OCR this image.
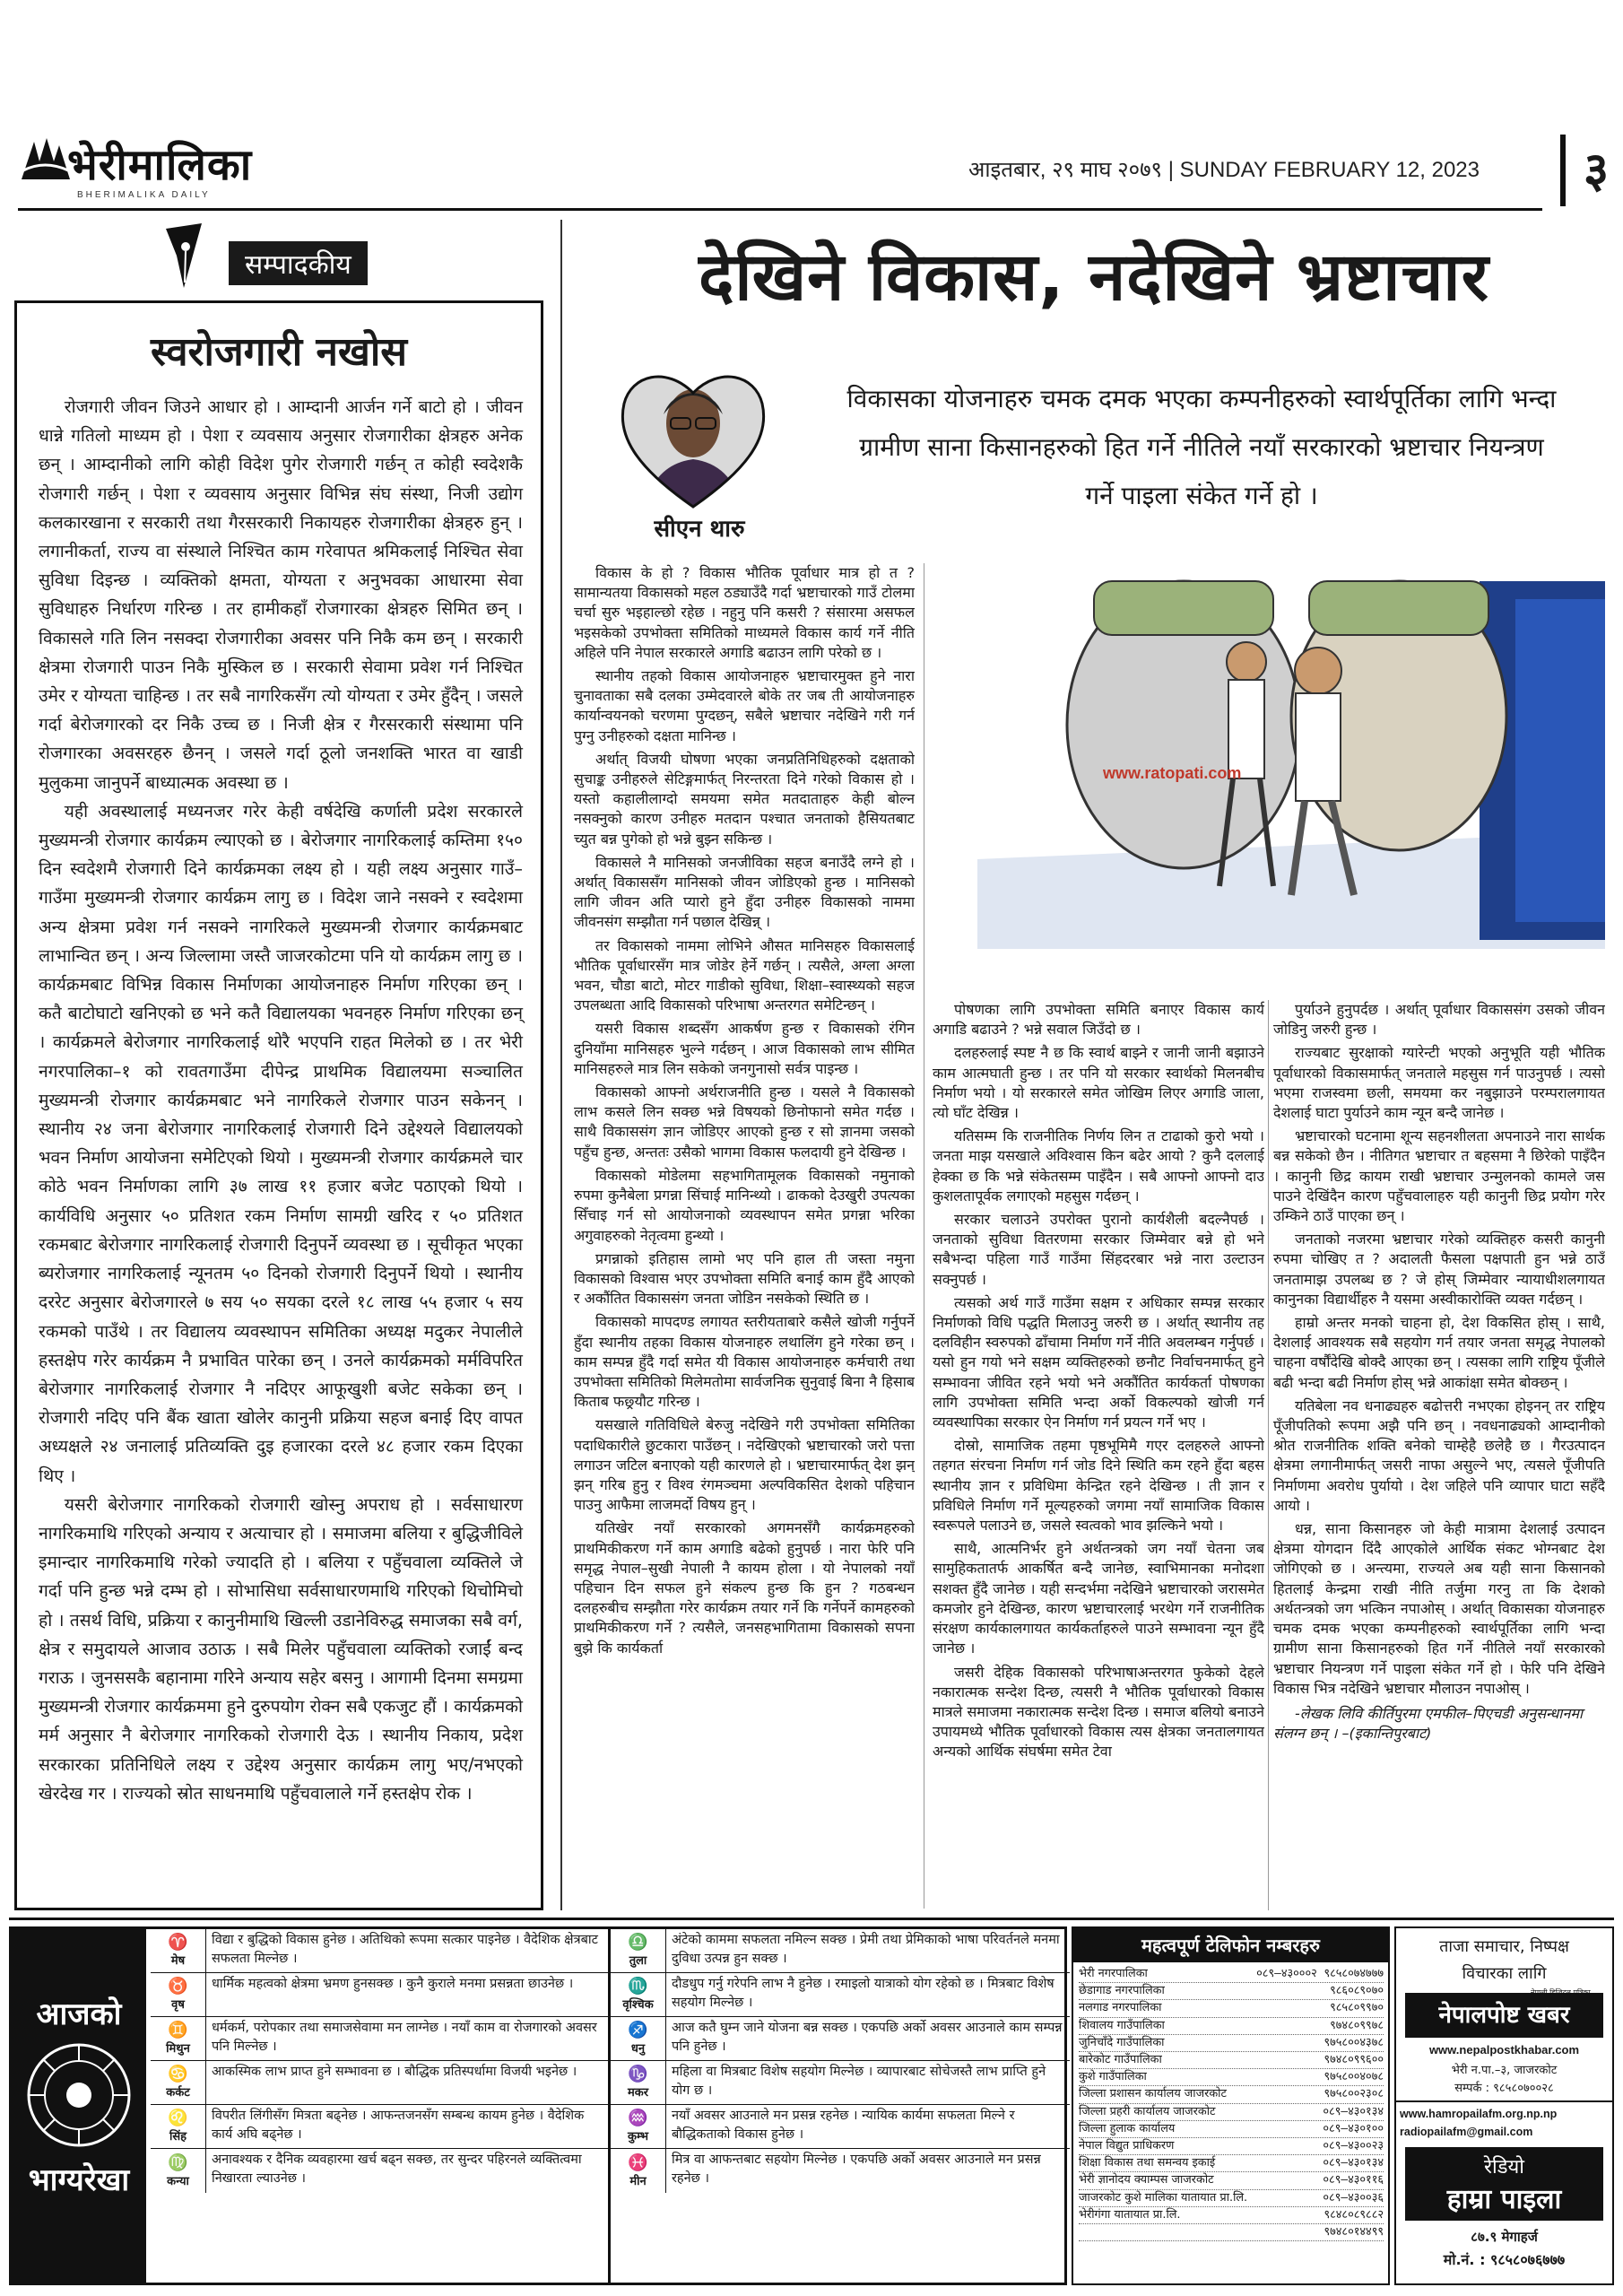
भेरीमालिका
BHERIMALIKA DAILY
आइतबार, २९ माघ २०७९ | SUNDAY FEBRUARY 12, 2023 ३
सम्पादकीय
स्वरोजगारी नखोस

रोजगारी जीवन जिउने आधार हो । आम्दानी आर्जन गर्ने बाटो हो । जीवन धान्ने गतिलो माध्यम हो । पेशा र व्यवसाय अनुसार रोजगारीका क्षेत्रहरु अनेक छन् । आम्दानीको लागि कोही विदेश पुगेर रोजगारी गर्छन् त कोही स्वदेशकै रोजगारी गर्छन् । पेशा र व्यवसाय अनुसार विभिन्न संघ संस्था, निजी उद्योग कलकारखाना र सरकारी तथा गैरसरकारी निकायहरु रोजगारीका क्षेत्रहरु हुन् । लगानीकर्ता, राज्य वा संस्थाले निश्चित काम गरेवापत श्रमिकलाई निश्चित सेवा सुविधा दिइन्छ । व्यक्तिको क्षमता, योग्यता र अनुभवका आधारमा सेवा सुविधाहरु निर्धारण गरिन्छ । तर हामीकहाँ रोजगारका क्षेत्रहरु सिमित छन् । विकासले गति लिन नसक्दा रोजगारीका अवसर पनि निकै कम छन् । सरकारी क्षेत्रमा रोजगारी पाउन निकै मुस्किल छ । सरकारी सेवामा प्रवेश गर्न निश्चित उमेर र योग्यता चाहिन्छ । तर सबै नागरिकसँग त्यो योग्यता र उमेर हुँदैन् । जसले गर्दा बेरोजगारको दर निकै उच्च छ । निजी क्षेत्र र गैरसरकारी संस्थामा पनि रोजगारका अवसरहरु छैनन् । जसले गर्दा ठूलो जनशक्ति भारत वा खाडी मुलुकमा जानुपर्ने बाध्यात्मक अवस्था छ ।

यही अवस्थालाई मध्यनजर गरेर केही वर्षदेखि कर्णाली प्रदेश सरकारले मुख्यमन्त्री रोजगार कार्यक्रम ल्याएको छ । बेरोजगार नागरिकलाई कम्तिमा १५० दिन स्वदेशमै रोजगारी दिने कार्यक्रमका लक्ष्य हो । यही लक्ष्य अनुसार गाउँ–गाउँमा मुख्यमन्त्री रोजगार कार्यक्रम लागु छ । विदेश जाने नसक्ने र स्वदेशमा अन्य क्षेत्रमा प्रवेश गर्न नसक्ने नागरिकले मुख्यमन्त्री रोजगार कार्यक्रमबाट लाभान्वित छन् । अन्य जिल्लामा जस्तै जाजरकोटमा पनि यो कार्यक्रम लागु छ । कार्यक्रमबाट विभिन्न विकास निर्माणका आयोजनाहरु निर्माण गरिएका छन् । कतै बाटोघाटो खनिएको छ भने कतै विद्यालयका भवनहरु निर्माण गरिएका छन् । कार्यक्रमले बेरोजगार नागरिकलाई थोरै भएपनि राहत मिलेको छ । तर भेरी नगरपालिका–१ को रावतगाउँमा दीपेन्द्र प्राथमिक विद्यालयमा सञ्चालित मुख्यमन्त्री रोजगार कार्यक्रमबाट भने नागरिकले रोजगार पाउन सकेनन् । स्थानीय २४ जना बेरोजगार नागरिकलाई रोजगारी दिने उद्देश्यले विद्यालयको भवन निर्माण आयोजना समेटिएको थियो । मुख्यमन्त्री रोजगार कार्यक्रमले चार कोठे भवन निर्माणका लागि ३७ लाख ११ हजार बजेट पठाएको थियो । कार्यविधि अनुसार ५० प्रतिशत रकम निर्माण सामग्री खरिद र ५० प्रतिशत रकमबाट बेरोजगार नागरिकलाई रोजगारी दिनुपर्ने व्यवस्था छ । सूचीकृत भएका ब्यरोजगार नागरिकलाई न्यूनतम ५० दिनको रोजगारी दिनुपर्ने थियो । स्थानीय दररेट अनुसार बेरोजगारले ७ सय ५० सयका दरले १८ लाख ५५ हजार ५ सय रकमको पाउँथे । तर विद्यालय व्यवस्थापन समितिका अध्यक्ष मदुकर नेपालीले हस्तक्षेप गरेर कार्यक्रम नै प्रभावित पारेका छन् । उनले कार्यक्रमको मर्मविपरित बेरोजगार नागरिकलाई रोजगार नै नदिएर आफूखुशी बजेट सकेका छन् । रोजगारी नदिए पनि बैंक खाता खोलेर कानुनी प्रक्रिया सहज बनाई दिए वापत अध्यक्षले २४ जनालाई प्रतिव्यक्ति दुइ हजारका दरले ४८ हजार रकम दिएका थिए ।

यसरी बेरोजगार नागरिकको रोजगारी खोस्नु अपराध हो । सर्वसाधारण नागरिकमाथि गरिएको अन्याय र अत्याचार हो । समाजमा बलिया र बुद्धिजीविले इमान्दार नागरिकमाथि गरेको ज्यादति हो । बलिया र पहुँचवाला व्यक्तिले जे गर्दा पनि हुन्छ भन्ने दम्भ हो । सोभासिधा सर्वसाधारणमाथि गरिएको थिचोमिचो हो । तसर्थ विधि, प्रक्रिया र कानुनीमाथि खिल्ली उडानेविरुद्ध समाजका सबै वर्ग, क्षेत्र र समुदायले आजाव उठाऊ । सबै मिलेर पहुँचवाला व्यक्तिको रजाईं बन्द गराऊ । जुनससकै बहानामा गरिने अन्याय सहेर बसनु । आगामी दिनमा समग्रमा मुख्यमन्त्री रोजगार कार्यक्रममा हुने दुरुपयोग रोक्न सबै एकजुट हौं । कार्यक्रमको मर्म अनुसार नै बेरोजगार नागरिकको रोजगारी देऊ । स्थानीय निकाय, प्रदेश सरकारका प्रतिनिधिले लक्ष्य र उद्देश्य अनुसार कार्यक्रम लागु भए/नभएको खेरदेख गर । राज्यको स्रोत साधनमाथि पहुँचवालाले गर्ने हस्तक्षेप रोक ।

देखिने विकास, नदेखिने भ्रष्टाचार
सीएन थारु
विकासका योजनाहरु चमक दमक भएका कम्पनीहरुको स्वार्थपूर्तिका लागि भन्दा ग्रामीण साना किसानहरुको हित गर्ने नीतिले नयाँ सरकारको भ्रष्टाचार नियन्त्रण गर्ने पाइला संकेत गर्ने हो ।
www.ratopati.com

विकास के हो ? विकास भौतिक पूर्वाधार मात्र हो त ? सामान्यतया विकासको महल ठड्याउँदै गर्दा भ्रष्टाचारको गाउँ टोलमा चर्चा सुरु भइहाल्छो रहेछ । नहुनु पनि कसरी ? संसारमा असफल भइसकेको उपभोक्ता समितिको माध्यमले विकास कार्य गर्ने नीति अहिले पनि नेपाल सरकारले अगाडि बढाउन लागि परेको छ ।

स्थानीय तहको विकास आयोजनाहरु भ्रष्टाचारमुक्त हुने नारा चुनावताका सबै दलका उम्मेदवारले बोके तर जब ती आयोजनाहरु कार्यान्वयनको चरणमा पुग्दछन्, सबैले भ्रष्टाचार नदेखिने गरी गर्न पुग्नु उनीहरुको दक्षता मानिन्छ ।

अर्थात् विजयी घोषणा भएका जनप्रतिनिधिहरुको दक्षताको सुचाङ्क उनीहरुले सेटिङ्गमार्फत् निरन्तरता दिने गरेको विकास हो । यस्तो कहालीलाग्दो समयमा समेत मतदाताहरु केही बोल्न नसक्नुको कारण उनीहरु मतदान पश्चात जनताको हैसियतबाट च्युत बन्न पुगेको हो भन्ने बुझ्न सकिन्छ ।

विकासले नै मानिसको जनजीविका सहज बनाउँदै लग्ने हो । अर्थात् विकाससँग मानिसको जीवन जोडिएको हुन्छ । मानिसको लागि जीवन अति प्यारो हुने हुँदा उनीहरु विकासको नाममा जीवनसंग सम्झौता गर्न पछाल देखिन्न् ।

तर विकासको नाममा लोभिने औसत मानिसहरु विकासलाई भौतिक पूर्वाधारसँग मात्र जोडेर हेर्ने गर्छन् । त्यसैले, अग्ला अग्ला भवन, चौडा बाटो, मोटर गाडीको सुविधा, शिक्षा–स्वास्थ्यको सहज उपलब्धता आदि विकासको परिभाषा अन्तरगत समेटिन्छन् ।

यसरी विकास शब्दसँग आकर्षण हुन्छ र विकासको रंगिन दुनियाँमा मानिसहरु भुल्ने गर्दछन् । आज विकासको लाभ सीमित मानिसहरुले मात्र लिन सकेको जनगुनासो सर्वत्र पाइन्छ ।

विकासको आफ्नो अर्थराजनीति हुन्छ । यसले नै विकासको लाभ कसले लिन सक्छ भन्ने विषयको छिनोफानो समेत गर्दछ । साथै विकाससंग ज्ञान जोडिएर आएको हुन्छ र सो ज्ञानमा जसको पहुँच हुन्छ, अन्ततः उसैको भागमा विकास फलदायी हुने देखिन्छ ।

विकासको मोडेलमा सहभागितामूलक विकासको नमुनाको रुपमा कुनैबेला प्रगन्ना सिंचाई मानिन्थ्यो । ढाकको देउखुरी उपत्यका सिँचाइ गर्न सो आयोजनाको व्यवस्थापन समेत प्रगन्ना भरिका अगुवाहरुको नेतृत्वमा हुन्थ्यो ।

प्रगन्नाको इतिहास लामो भए पनि हाल ती जस्ता नमुना विकासको विश्वास भएर उपभोक्ता समिति बनाई काम हुँदै आएको र अकौंतित विकाससंग जनता जोडिन नसकेको स्थिति छ ।

विकासको मापदण्ड लगायत स्तरीयताबारे कसैले खोजी गर्नुपर्ने हुँदा स्थानीय तहका विकास योजनाहरु लथालिंग हुने गरेका छन् । काम सम्पन्न हुँदै गर्दा समेत यी विकास आयोजनाहरु कर्मचारी तथा उपभोक्ता समितिको मिलेमतोमा सार्वजनिक सुनुवाई बिना नै हिसाब किताब फछ्र्यौट गरिन्छ ।

यसखाले गतिविधिले बेरुजु नदेखिने गरी उपभोक्ता समितिका पदाधिकारीले छुटकारा पाउँछन् । नदेखिएको भ्रष्टाचारको जरो पत्ता लगाउन जटिल बनाएको यही कारणले हो । भ्रष्टाचारमार्फत् देश झन् झन् गरिब हुनु र विश्व रंगमञ्चमा अल्पविकसित देशको पहिचान पाउनु आफैमा लाजमर्दो विषय हुन् ।

यतिखेर नयाँ सरकारको अगमनसँगै कार्यक्रमहरुको प्राथमिकीकरण गर्ने काम अगाडि बढेको हुनुपर्छ । नारा फेरि पनि समृद्ध नेपाल–सुखी नेपाली नै कायम होला । यो नेपालको नयाँ पहिचान दिन सफल हुने संकल्प हुन्छ कि हुन ? गठबन्धन दलहरुबीच सम्झौता गरेर कार्यक्रम तयार गर्ने कि गर्नेपर्ने कामहरुको प्राथमिकीकरण गर्ने ? त्यसैले, जनसहभागितामा विकासको सपना बुझे कि कार्यकर्ता

पोषणका लागि उपभोक्ता समिति बनाएर विकास कार्य अगाडि बढाउने ? भन्ने सवाल जिउँदो छ ।

दलहरुलाई स्पष्ट नै छ कि स्वार्थ बाझ्ने र जानी जानी बझाउने काम आत्मघाती हुन्छ । तर पनि यो सरकार स्वार्थको मिलनबीच निर्माण भयो । यो सरकारले समेत जोखिम लिएर अगाडि जाला, त्यो घाँट देखिन्न ।

यतिसम्म कि राजनीतिक निर्णय लिन त टाढाको कुरो भयो । जनता माझ यसखाले अविश्वास किन बढेर आयो ? कुनै दललाई हेक्का छ कि भन्ने संकेतसम्म पाइँदैन । सबै आफ्नो आफ्नो दाउ कुशलतापूर्वक लगाएको महसुस गर्दछन् ।

सरकार चलाउने उपरोक्त पुरानो कार्यशैली बदल्नैपर्छ । जनताको सुविधा वितरणमा सरकार जिम्मेवार बन्ने हो भने सबैभन्दा पहिला गाउँ गाउँमा सिंहदरबार भन्ने नारा उल्टाउन सक्नुपर्छ ।

त्यसको अर्थ गाउँ गाउँमा सक्षम र अधिकार सम्पन्न सरकार निर्माणको विधि पद्धति मिलाउनु जरुरी छ । अर्थात् स्थानीय तह दलविहीन स्वरुपको ढाँचामा निर्माण गर्ने नीति अवलम्बन गर्नुपर्छ । यसो हुन गयो भने सक्षम व्यक्तिहरुको छनौट निर्वाचनमार्फत् हुने सम्भावना जीवित रहने भयो भने अकौंतित कार्यकर्ता पोषणका लागि उपभोक्ता समिति भन्दा अर्को विकल्पको खोजी गर्न व्यवस्थापिका सरकार ऐन निर्माण गर्न प्रयत्न गर्ने भए ।

दोस्रो, सामाजिक तहमा पृष्ठभूमिमै गएर दलहरुले आफ्नो तहगत संरचना निर्माण गर्न जोड दिने स्थिति कम रहने हुँदा बहस स्थानीय ज्ञान र प्रविधिमा केन्द्रित रहने देखिन्छ । ती ज्ञान र प्रविधिले निर्माण गर्ने मूल्यहरुको जगमा नयाँ सामाजिक विकास स्वरूपले पलाउने छ, जसले स्वत्वको भाव झल्किने भयो ।

साथै, आत्मनिर्भर हुने अर्थतन्त्रको जग नयाँ चेतना जब सामुहिकतातर्फ आकर्षित बन्दै जानेछ, स्वाभिमानका मनोदशा सशक्त हुँदै जानेछ । यही सन्दर्भमा नदेखिने भ्रष्टाचारको जरासमेत कमजोर हुने देखिन्छ, कारण भ्रष्टाचारलाई भरथेग गर्ने राजनीतिक संरक्षण कार्यकालगायत कार्यकर्ताहरुले पाउने सम्भावना न्यून हुँदै जानेछ ।

जसरी देहिक विकासको परिभाषाअन्तरगत फुकेको देहले नकारात्मक सन्देश दिन्छ, त्यसरी नै भौतिक पूर्वाधारको विकास मात्रले समाजमा नकारात्मक सन्देश दिन्छ । समाज बलियो बनाउने उपायमध्ये भौतिक पूर्वाधारको विकास त्यस क्षेत्रका जनतालगायत अन्यको आर्थिक संघर्षमा समेत टेवा

पुर्याउने हुनुपर्दछ । अर्थात् पूर्वाधार विकाससंग उसको जीवन जोडिनु जरुरी हुन्छ ।

राज्यबाट सुरक्षाको ग्यारेन्टी भएको अनुभूति यही भौतिक पूर्वाधारको विकासमार्फत् जनताले महसुस गर्न पाउनुपर्छ । त्यसो भएमा राजस्वमा छली, समयमा कर नबुझाउने परम्परालगायत देशलाई घाटा पुर्याउने काम न्यून बन्दै जानेछ ।

भ्रष्टाचारको घटनामा शून्य सहनशीलता अपनाउने नारा सार्थक बन्न सकेको छैन । नीतिगत भ्रष्टाचार त बहसमा नै छिरेको पाइँदैन । कानुनी छिद्र कायम राखी भ्रष्टाचार उन्मुलनको कामले जस पाउने देखिंदैन कारण पहुँचवालाहरु यही कानुनी छिद्र प्रयोग गरेर उम्किने ठाउँ पाएका छन् ।

जनताको नजरमा भ्रष्टाचार गरेको व्यक्तिहरु कसरी कानुनी रुपमा चोखिए त ? अदालती फैसला पक्षपाती हुन भन्ने ठाउँ जनतामाझ उपलब्ध छ ? जे होस् जिम्मेवार न्यायाधीशलगायत कानुनका विद्यार्थीहरु नै यसमा अस्वीकारोक्ति व्यक्त गर्दछन् ।

हाम्रो अन्तर मनको चाहना हो, देश विकसित होस् । साथै, देशलाई आवश्यक सबै सहयोग गर्न तयार जनता समृद्ध नेपालको चाहना वर्षौंदेखि बोक्दै आएका छन् । त्यसका लागि राष्ट्रिय पूँजीले बढी भन्दा बढी निर्माण होस् भन्ने आकांक्षा समेत बोक्छन् ।

यतिबेला नव धनाढ्यहरु बढोत्तरी नभएका होइनन् तर राष्ट्रिय पूँजीपतिको रूपमा अझै पनि छन् । नवधनाढ्यको आम्दानीको श्रोत राजनीतिक शक्ति बनेको चाम्हेहै छलेहै छ । गैरउत्पादन क्षेत्रमा लगानीमार्फत् जसरी नाफा असुल्ने भए, त्यसले पूँजीपति निर्माणमा अवरोध पुर्यायो । देश जहिले पनि व्यापार घाटा सहँदै आयो ।

धन्न, साना किसानहरु जो केही मात्रामा देशलाई उत्पादन क्षेत्रमा योगदान दिंदै आएकोले आर्थिक संकट भोग्नबाट देश जोगिएको छ । अन्त्यमा, राज्यले अब यही साना किसानको हितलाई केन्द्रमा राखी नीति तर्जुमा गरनु ता कि देशको अर्थतन्त्रको जग भत्किन नपाओस् । अर्थात् विकासका योजनाहरु चमक दमक भएका कम्पनीहरुको स्वार्थपूर्तिका लागि भन्दा ग्रामीण साना किसानहरुको हित गर्ने नीतिले नयाँ सरकारको भ्रष्टाचार नियन्त्रण गर्ने पाइला संकेत गर्ने हो । फेरि पनि देखिने विकास भित्र नदेखिने भ्रष्टाचार मौलाउन नपाओस् ।

-लेखक लिवि कीर्तिपुरमा एमफील–पिएचडी अनुसन्धानमा संलग्न छन् । –(इकान्तिपुरबाट)

आजको
भाग्यरेखा
♈
मेष
विद्या र बुद्धिको विकास हुनेछ । अतिथिको रूपमा सत्कार पाइनेछ । वैदेशिक क्षेत्रबाट सफलता मिल्नेछ ।
♉
वृष
धार्मिक महत्वको क्षेत्रमा भ्रमण हुनसक्छ । कुनै कुराले मनमा प्रसन्नता छाउनेछ ।
♊
मिथुन
धर्मकर्म, परोपकार तथा समाजसेवामा मन लाग्नेछ । नयाँ काम वा रोजगारको अवसर पनि मिल्नेछ ।
♋
कर्कट
आकस्मिक लाभ प्राप्त हुने सम्भावना छ । बौद्धिक प्रतिस्पर्धामा विजयी भइनेछ ।
♌
सिंह
विपरीत लिंगीसँग मित्रता बढ्नेछ । आफन्तजनसँग सम्बन्ध कायम हुनेछ । वैदेशिक कार्य अघि बढ्नेछ ।
♍
कन्या
अनावश्यक र दैनिक व्यवहारमा खर्च बढ्न सक्छ, तर सुन्दर पहिरनले व्यक्तित्वमा निखारता ल्याउनेछ ।
♎
तुला
अंटेको काममा सफलता नमिल्न सक्छ । प्रेमी तथा प्रेमिकाको भाषा परिवर्तनले मनमा दुविधा उत्पन्न हुन सक्छ ।
♏
वृश्चिक
दौडधुप गर्नु गरेपनि लाभ नै हुनेछ । रमाइलो यात्राको योग रहेको छ । मित्रबाट विशेष सहयोग मिल्नेछ ।
♐
धनु
आज कतै घुम्न जाने योजना बन्न सक्छ । एकपछि अर्को अवसर आउनाले काम सम्पन्न पनि हुनेछ ।
♑
मकर
महिला वा मित्रबाट विशेष सहयोग मिल्नेछ । व्यापारबाट सोचेजस्तै लाभ प्राप्ति हुने योग छ ।
♒
कुम्भ
नयाँ अवसर आउनाले मन प्रसन्न रहनेछ । न्यायिक कार्यमा सफलता मिल्ने र बौद्धिकताको विकास हुनेछ ।
♓
मीन
मित्र वा आफन्तबाट सहयोग मिल्नेछ । एकपछि अर्को अवसर आउनाले मन प्रसन्न रहनेछ ।
महत्वपूर्ण टेलिफोन नम्बरहरु
भेरी नगरपालिका	०८९–४३०००२ ९८५८०७४७७७
छेडागाड नगरपालिका	९८६०८९०७०
नलगाड नगरपालिका	९८५८०९९७०
शिवालय गाउँपालिका	९७४८०९९७८
जुनिचाँदे गाउँपालिका	९७५८००४३७८
बारेकोट गाउँपालिका	९७४८०९९६००
कुशे गाउँपालिका	९७५८००४०७८
जिल्ला प्रशासन कार्यालय जाजरकोट	९७५८००२३०८
जिल्ला प्रहरी कार्यालय जाजरकोट	०८९–४३०१३४
जिल्ला हुलाक कार्यालय	०८९–४३०१००
नेपाल विद्युत प्राधिकरण	०८९–४३००२३
शिक्षा विकास तथा समन्वय इकाई	०८९–४३०१३४
भेरी ज्ञानोदय क्याम्पस जाजरकोट	०८९–४३०११६
जाजरकोट कुशे मालिका यातायात प्रा.लि.	०८९–४३००३६
भेरीगंगा यातायात प्रा.लि.	९८४८०८९८८२
९७४८०१४४९९
ताजा समाचार, निष्पक्ष
विचारका लागि
नेपालपोष्ट खबर
नेपाली डिजिटल पत्रिका
www.nepalpostkhabar.com
भेरी न.पा.–३, जाजरकोट
सम्पर्क : ९८५८०७००२८
www.hamropailafm.org.np.np
radiopailafm@gmail.com
रेडियो
हाम्रा पाइला
८७.९ मेगाहर्ज
मो.नं. : ९८५८०७६७७७
